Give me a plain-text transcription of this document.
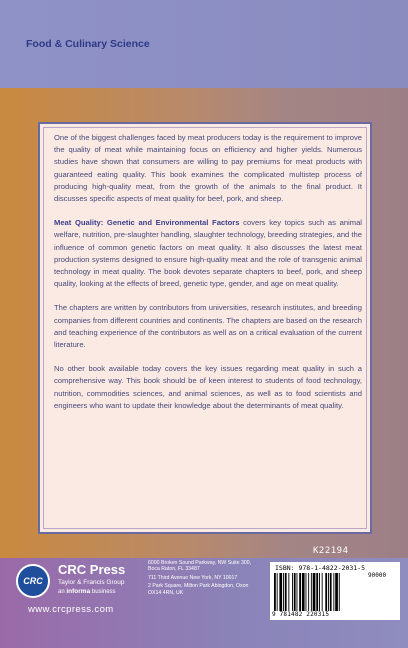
Food & Culinary Science

One of the biggest challenges faced by meat producers today is the requirement to improve the quality of meat while maintaining focus on efficiency and higher yields. Numerous studies have shown that consumers are willing to pay premiums for meat products with guaranteed eating quality. This book examines the complicated multistep process of producing high-quality meat, from the growth of the animals to the final product. It discusses specific aspects of meat quality for beef, pork, and sheep.

Meat Quality: Genetic and Environmental Factors covers key topics such as animal welfare, nutrition, pre-slaughter handling, slaughter technology, breeding strategies, and the influence of common genetic factors on meat quality. It also discusses the latest meat production systems designed to ensure high-quality meat and the role of transgenic animal technology in meat quality. The book devotes separate chapters to beef, pork, and sheep quality, looking at the effects of breed, genetic type, gender, and age on meat quality.

The chapters are written by contributors from universities, research institutes, and breeding companies from different countries and continents. The chapters are based on the research and teaching experience of the contributors as well as on a critical evaluation of the current literature.

No other book available today covers the key issues regarding meat quality in such a comprehensive way. This book should be of keen interest to students of food technology, nutrition, commodities sciences, and animal sciences, as well as to food scientists and engineers who want to update their knowledge about the determinants of meat quality.

K22194
CRC
CRC Press
Taylor & Francis Group
an informa business
www.crcpress.com
6000 Broken Sound Parkway, NW Suite 300, Boca Raton, FL 33487
711 Third Avenue New York, NY 10017
2 Park Square, Milton Park Abingdon, Oxon OX14 4RN, UK
ISBN: 978-1-4822-2031-5
90000
9 781482 220315
